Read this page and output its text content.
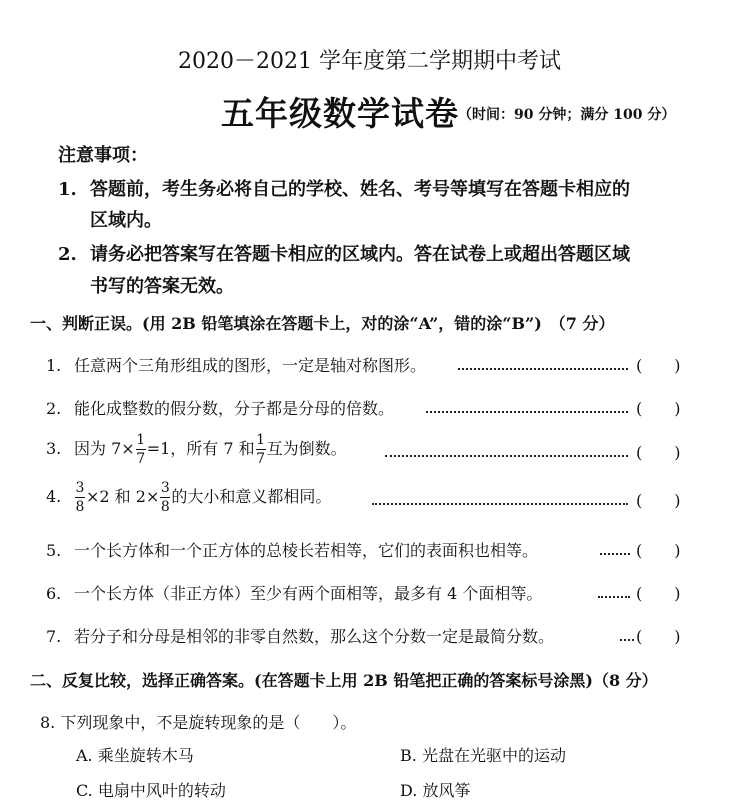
2020－2021 学年度第二学期期中考试
五年级数学试卷 （时间：90 分钟；满分 100 分）
注意事项：
1. 答题前，考生务必将自己的学校、姓名、考号等填写在答题卡相应的
区域内。
2. 请务必把答案写在答题卡相应的区域内。答在试卷上或超出答题区域
书写的答案无效。
一、判断正误。(用 2B 铅笔填涂在答题卡上，对的涂“A”，错的涂“B”)　（7 分）
1. 任意两个三角形组成的图形，一定是轴对称图形。	(　　)
2. 能化成整数的假分数，分子都是分母的倍数。	(　　)
3. 因为 $7\times \frac{1}{7} =1$，所有 7 和 $\frac{1}{7}$ 互为倒数。	(　　)
4. $\frac{3}{8} \times 2$ 和 $2\times \frac{3}{8}$ 的大小和意义都相同。	(　　)
5. 一个长方体和一个正方体的总棱长若相等，它们的表面积也相等。	(　　)
6. 一个长方体（非正方体）至少有两个面相等，最多有 4 个面相等。	(　　)
7. 若分子和分母是相邻的非零自然数，那么这个分数一定是最简分数。	(　　)
二、反复比较，选择正确答案。(在答题卡上用 2B 铅笔把正确的答案标号涂黑)（8 分）
8. 下列现象中，不是旋转现象的是（　　）。
A. 乘坐旋转木马	B. 光盘在光驱中的运动
C. 电扇中风叶的转动	D. 放风筝
